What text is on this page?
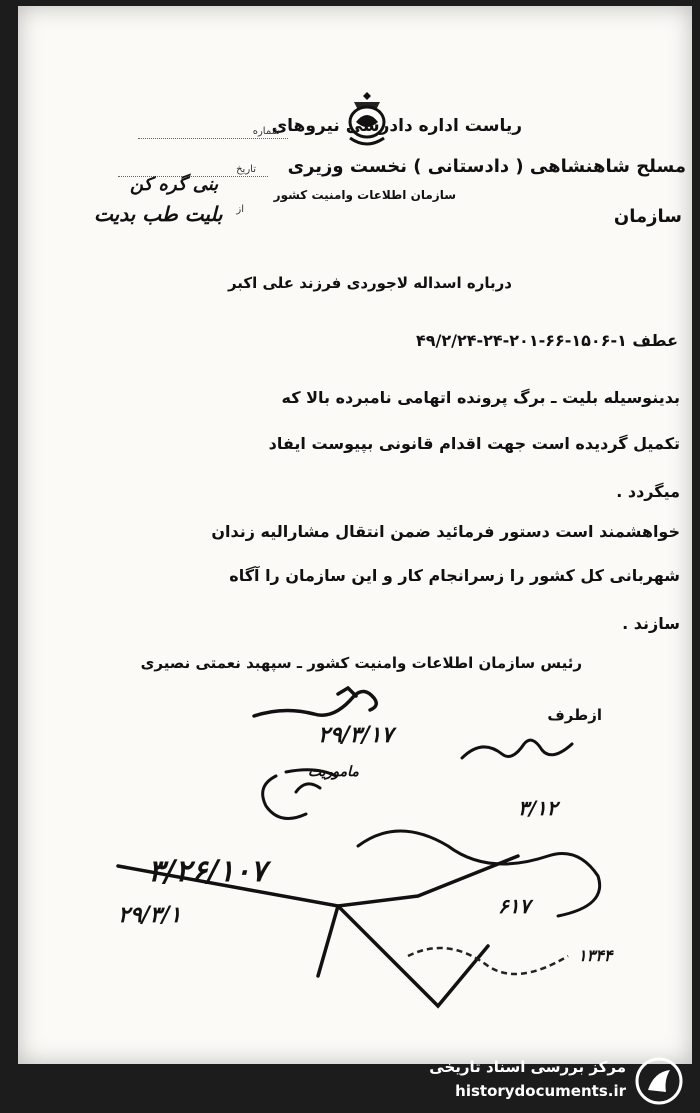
ریاست اداره دادرسی نیروهای
مسلح شاهنشاهی ( دادستانی ) نخست وزیری
سازمان اطلاعات وامنیت کشور
سازمان
شماره
تاریخ
از
بنی گره کن
بلیت طب بدیت
درباره اسداله لاجوردی فرزند علی اکبر
عطف ۱-۱۵۰۶-۶۶-۲۰۱-۲۴-۴۹/۲/۲۴
بدینوسیله بلیت ـ برگ پرونده اتهامی نامبرده بالا که
تکمیل گردیده است جهت اقدام قانونی بپیوست ایفاد
میگردد .
خواهشمند است دستور فرمائید ضمن انتقال مشارالیه زندان
شهربانی کل کشور را زسرانجام کار و این سازمان را آگاه
سازند .
رئیس سازمان اطلاعات وامنیت کشور ـ سپهبد نعمتی نصیری
ازطرف
۲۹/۳/۱۷
۳/۱۲
ماموریت
۳/۲۶/۱۰۷
۲۹/۳/۱	۶۱۷
۱۳۴۴
مرکز بررسی اسناد تاریخی
historydocuments.ir
